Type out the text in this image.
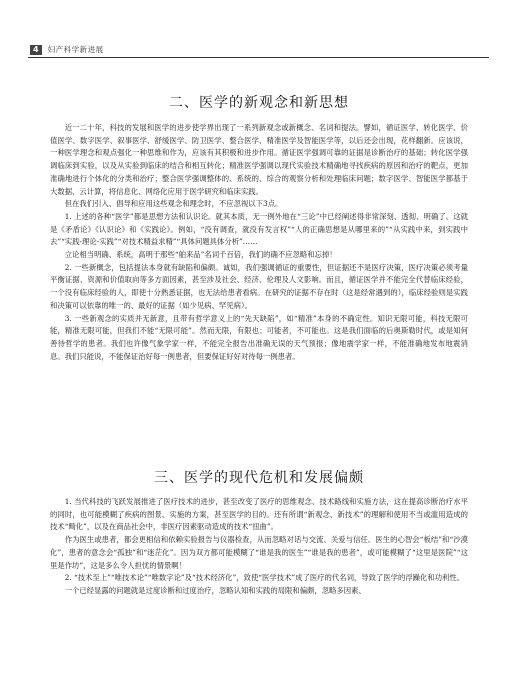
4	妇产科学新进展
二、医学的新观念和新思想

近一二十年，科技的发展和医学的进步使学界出现了一系列新观念或新概念、名词和提法。譬如，循证医学、转化医学、价值医学、数字医学、叙事医学、舒缓医学、防卫医学、整合医学、精准医学及智能医学等，以后还会出现，花样翻新。应该说，一种医学理念和观点强化一种思维和作为，应该有其积极和进步作用。循证医学强调可靠的证据是诊断治疗的基础；转化医学强调临床到实验，以及从实验到临床的结合和相互转化；精准医学强调以现代实验技术精确地寻找疾病的原因和治疗的靶点，更加准确地进行个体化的分类和治疗；整合医学强调整体的、系统的、综合的观察分析和处理临床问题；数字医学、智能医学都基于大数据、云计算，将信息化、网络化应用于医学研究和临床实践。

但在我们引入、倡导和应用这些观念和理念时，不应忽视以下3点。

1. 上述的各种“医学”都是思想方法和认识论。就其本质，无一例外地在“三论”中已经阐述得非常深刻、透彻、明确了。这就是《矛盾论》《认识论》和《实践论》。例如，“没有调查，就没有发言权”“人的正确思想是从哪里来的”“从实践中来，到实践中去”“实践-理论-实践”“对技术精益求精”“具体问题具体分析”……

立论相当明确、系统，高明于那些“舶来品”名词千百倍，我们的确不应忽略和忘掉！

2. 一些新概念，包括提法本身就有缺陷和偏颇。诚如，我们强调循证的重要性，但证据还不是医疗决策，医疗决策必须考量平衡证据、资源和价值取向等多方面因素，甚至涉及社会、经济、伦理及人文影响。而且，循证医学并不能完全代替临床经验，一个没有临床经验的人，即使十分熟悉证据，也无法给患者看病。在研究的证据不存在时（这是经常遇到的），临床经验则是实践和决策可以依靠的唯一的、最好的证据（如少见病、罕见病）。

3. 一些新观念的实质并无新意，且带有哲学意义上的“先天缺陷”，如“精准”本身的不确定性。知识无限可能，科技无限可能，精准无限可能，但我们不能“无限可能”。然而无限，有限也；可能者，不可能也。这是我们面临的后奥斯勒时代，或是知何善待哲学的患者。我们也许像气象学家一样，不能完全报告出准确无误的天气预报；像地震学家一样，不能准确地发布地震消息。我们只能说，不能保证治好每一例患者，但要保证好好对待每一例患者。

三、医学的现代危机和发展偏颇

1. 当代科技的飞跃发展推进了医疗技术的进步，甚至改变了医疗的思维观念、技术路线和实施方法，这在提高诊断治疗水平的同时，也可能模糊了疾病的图景、实施的方案，甚至医学的目的。还有所谓“新观念、新技术”的理解和使用不当或滥用造成的技术“畸化”，以及在商品社会中，非医疗因素驱动造成的技术“扭曲”。

作为医生或患者，都会更相信和依赖实验报告与仪器检查，从而忽略对话与交流、关爱与信任。医生的心智会“板结”和“沙漠化”，患者的意念会“孤独”和“迷茫化”。因为双方都可能模糊了“谁是我的医生”“谁是我的患者”，或可能模糊了“这里是医院”“这里是作坊”，这是多么令人担忧的情景啊！

2. “技术至上”“唯技术论”“唯数字论”及“技术经济化”，致使“医学技术”成了医疗的代名词，导致了医学的浮躁化和功利性。

一个已经显露的问题就是过度诊断和过度治疗，忽略认知和实践的局限和偏颇，忽略多因素、
